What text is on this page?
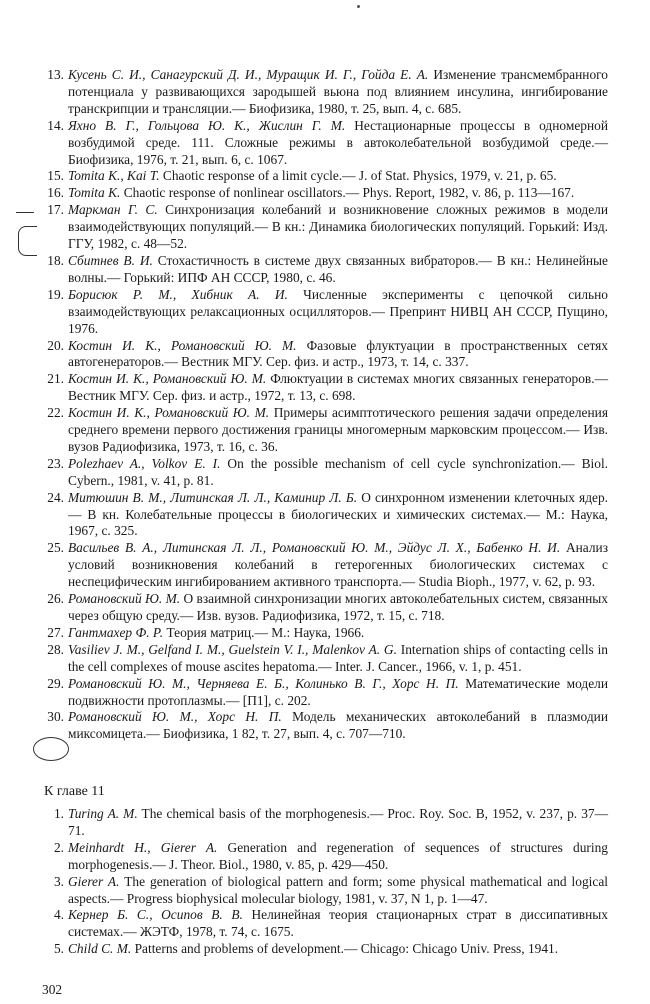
13. Кусень С. И., Санагурский Д. И., Муращик И. Г., Гойда Е. А. Изменение трансмембранного потенциала у развивающихся зародышей вьюна под влиянием инсулина, ингибирование транскрипции и трансляции.— Биофизика, 1980, т. 25, вып. 4, с. 685.
14. Яхно В. Г., Гольцова Ю. К., Жислин Г. М. Нестационарные процессы в одномерной возбудимой среде. 111. Сложные режимы в автоколебательной возбудимой среде.— Биофизика, 1976, т. 21, вып. 6, с. 1067.
15. Tomita K., Kai T. Chaotic response of a limit cycle.— J. of Stat. Physics, 1979, v. 21, p. 65.
16. Tomita K. Chaotic response of nonlinear oscillators.— Phys. Report, 1982, v. 86, p. 113—167.
17. Маркман Г. С. Синхронизация колебаний и возникновение сложных режимов в модели взаимодействующих популяций.— В кн.: Динамика биологических популяций. Горький: Изд. ГГУ, 1982, с. 48—52.
18. Сбитнев В. И. Стохастичность в системе двух связанных вибраторов.— В кн.: Нелинейные волны.— Горький: ИПФ АН СССР, 1980, с. 46.
19. Борисюк Р. М., Хибник А. И. Численные эксперименты с цепочкой сильно взаимодействующих релаксационных осцилляторов.— Препринт НИВЦ АН СССР, Пущино, 1976.
20. Костин И. К., Романовский Ю. М. Фазовые флуктуации в пространственных сетях автогенераторов.— Вестник МГУ. Сер. физ. и астр., 1973, т. 14, с. 337.
21. Костин И. К., Романовский Ю. М. Флюктуации в системах многих связанных генераторов.— Вестник МГУ. Сер. физ. и астр., 1972, т. 13, с. 698.
22. Костин И. К., Романовский Ю. М. Примеры асимптотического решения задачи определения среднего времени первого достижения границы многомерным марковским процессом.— Изв. вузов Радиофизика, 1973, т. 16, с. 36.
23. Polezhaev A., Volkov E. I. On the possible mechanism of cell cycle synchronization.— Biol. Cybern., 1981, v. 41, p. 81.
24. Митюшин В. М., Литинская Л. Л., Каминир Л. Б. О синхронном изменении клеточных ядер.— В кн. Колебательные процессы в биологических и химических системах.— М.: Наука, 1967, с. 325.
25. Васильев В. А., Литинская Л. Л., Романовский Ю. М., Эйдус Л. Х., Бабенко Н. И. Анализ условий возникновения колебаний в гетерогенных биологических системах с неспецифическим ингибированием активного транспорта.— Studia Bioph., 1977, v. 62, p. 93.
26. Романовский Ю. М. О взаимной синхронизации многих автоколебательных систем, связанных через общую среду.— Изв. вузов. Радиофизика, 1972, т. 15, с. 718.
27. Гантмахер Ф. Р. Теория матриц.— М.: Наука, 1966.
28. Vasiliev J. M., Gelfand I. M., Guelstein V. I., Malenkov A. G. Internation ships of contacting cells in the cell complexes of mouse ascites hepatoma.— Inter. J. Cancer., 1966, v. 1, p. 451.
29. Романовский Ю. М., Черняева Е. Б., Колинько В. Г., Хорс Н. П. Математические модели подвижности протоплазмы.— [П1], с. 202.
30. Романовский Ю. М., Хорс Н. П. Модель механических автоколебаний в плазмодии миксомицета.— Биофизика, 1 82, т. 27, вып. 4, с. 707—710.
К главе 11
1. Turing A. M. The chemical basis of the morphogenesis.— Proc. Roy. Soc. B, 1952, v. 237, p. 37—71.
2. Meinhardt H., Gierer A. Generation and regeneration of sequences of structures during morphogenesis.— J. Theor. Biol., 1980, v. 85, p. 429—450.
3. Gierer A. The generation of biological pattern and form; some physical mathematical and logical aspects.— Progress biophysical molecular biology, 1981, v. 37, N 1, p. 1—47.
4. Кернер Б. С., Осипов В. В. Нелинейная теория стационарных страт в диссипативных системах.— ЖЭТФ, 1978, т. 74, с. 1675.
5. Child C. M. Patterns and problems of development.— Chicago: Chicago Univ. Press, 1941.
302
